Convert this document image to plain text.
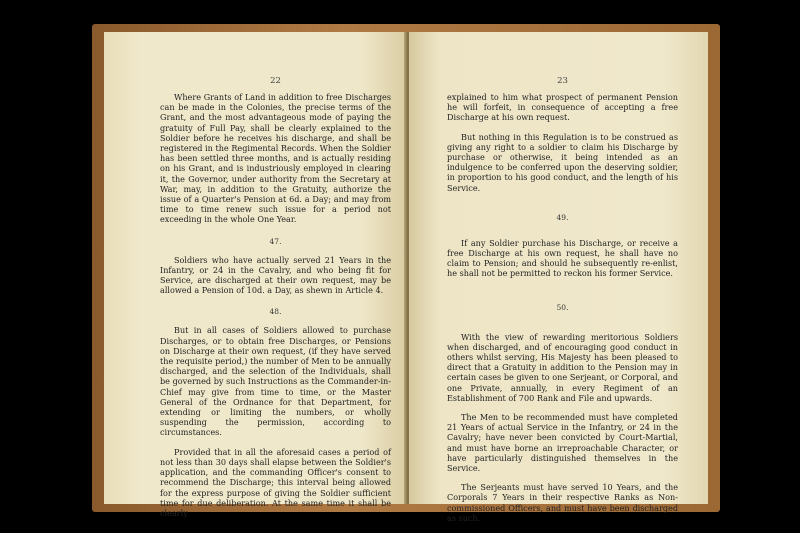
22

Where Grants of Land in addition to free Discharges can be made in the Colonies, the precise terms of the Grant, and the most advantageous mode of paying the gratuity of Full Pay, shall be clearly explained to the Soldier before he receives his discharge, and shall be registered in the Regimental Records. When the Soldier has been settled three months, and is actually residing on his Grant, and is industriously employed in clearing it, the Governor, under authority from the Secretary at War, may, in addition to the Gratuity, authorize the issue of a Quarter's Pension at 6d. a Day; and may from time to time renew such issue for a period not exceeding in the whole One Year.

47.

Soldiers who have actually served 21 Years in the Infantry, or 24 in the Cavalry, and who being fit for Service, are discharged at their own request, may be allowed a Pension of 10d. a Day, as shewn in Article 4.

48.

But in all cases of Soldiers allowed to purchase Discharges, or to obtain free Discharges, or Pensions on Discharge at their own request, (if they have served the requisite period,) the number of Men to be annually discharged, and the selection of the Individuals, shall be governed by such Instructions as the Commander-in-Chief may give from time to time, or the Master General of the Ordnance for that Department, for extending or limiting the numbers, or wholly suspending the permission, according to circumstances.

Provided that in all the aforesaid cases a period of not less than 30 days shall elapse between the Soldier's application, and the commanding Officer's consent to recommend the Discharge; this interval being allowed for the express purpose of giving the Soldier sufficient time for due deliberation. At the same time it shall be clearly

23

explained to him what prospect of permanent Pension he will forfeit, in consequence of accepting a free Discharge at his own request.

But nothing in this Regulation is to be construed as giving any right to a soldier to claim his Discharge by purchase or otherwise, it being intended as an indulgence to be conferred upon the deserving soldier, in proportion to his good conduct, and the length of his Service.

49.

If any Soldier purchase his Discharge, or receive a free Discharge at his own request, he shall have no claim to Pension; and should he subsequently re-enlist, he shall not be permitted to reckon his former Service.

50.

With the view of rewarding meritorious Soldiers when discharged, and of encouraging good conduct in others whilst serving, His Majesty has been pleased to direct that a Gratuity in addition to the Pension may in certain cases be given to one Serjeant, or Corporal, and one Private, annually, in every Regiment of an Establishment of 700 Rank and File and upwards.

The Men to be recommended must have completed 21 Years of actual Service in the Infantry, or 24 in the Cavalry; have never been convicted by Court-Martial, and must have borne an irreproachable Character, or have particularly distinguished themselves in the Service.

The Serjeants must have served 10 Years, and the Corporals 7 Years in their respective Ranks as Non-commissioned Officers, and must have been discharged as such.
